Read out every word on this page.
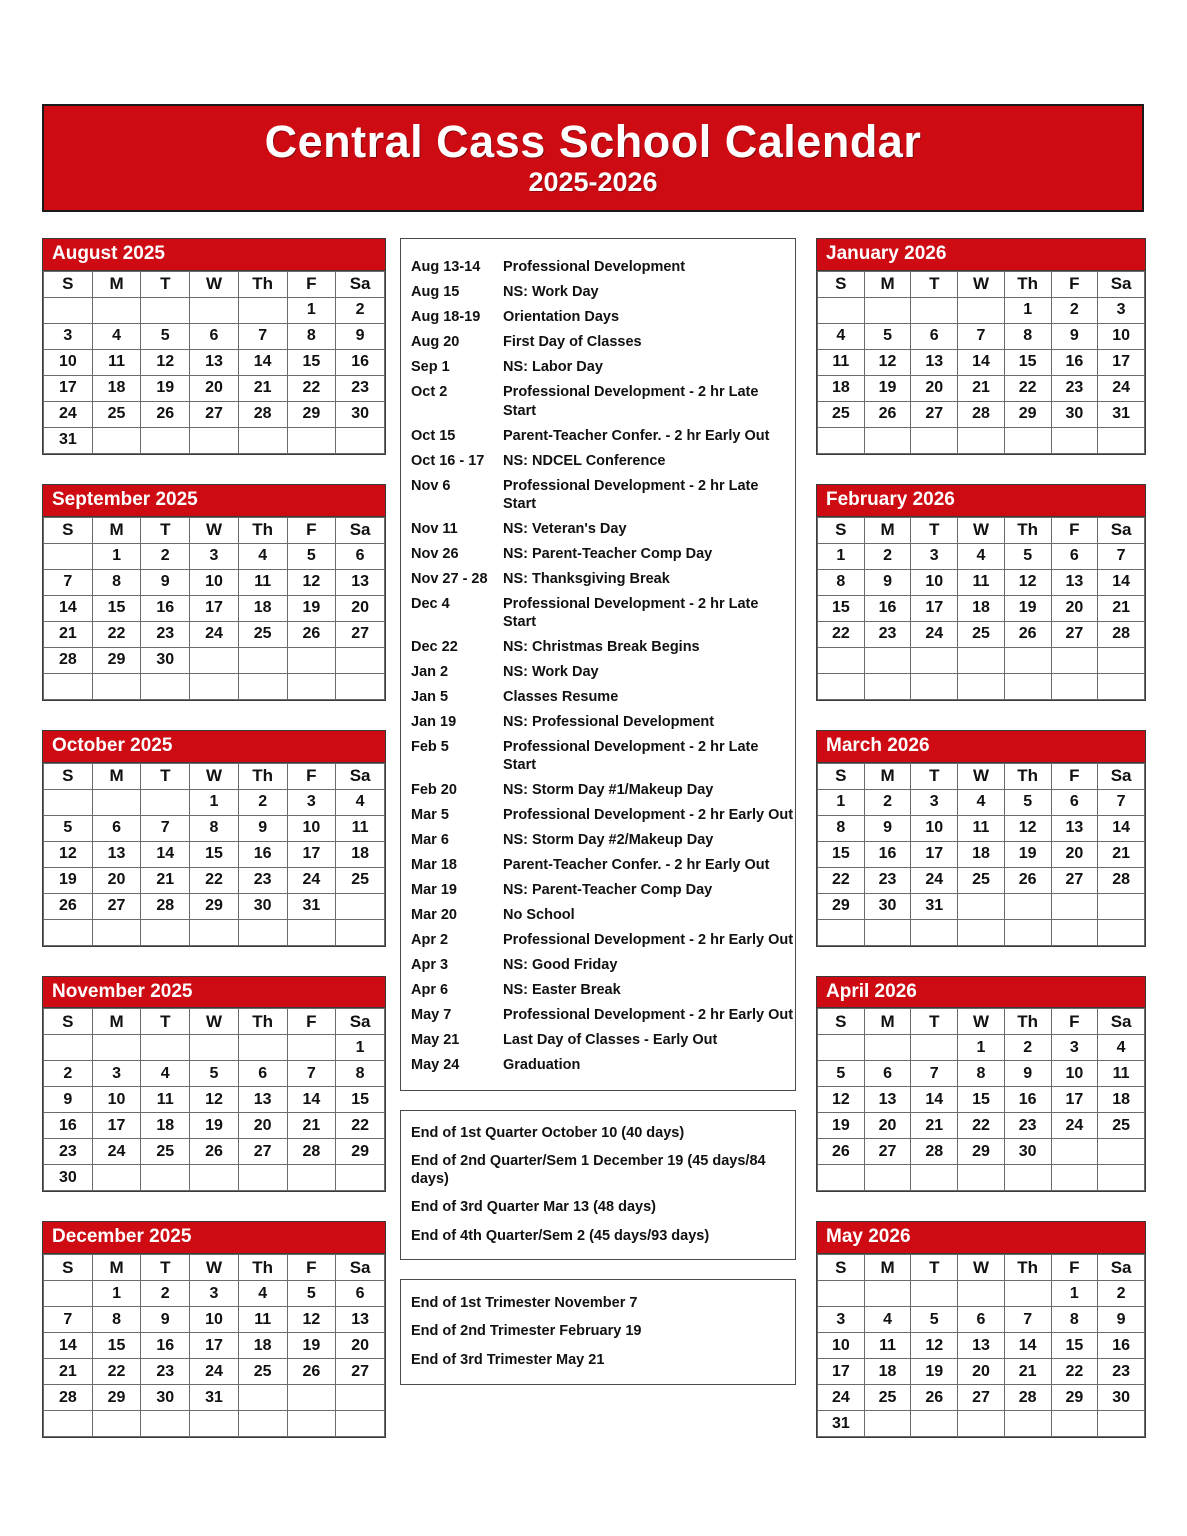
Central Cass School Calendar
2025-2026
August 2025
S	M	T	W	Th	F	Sa
					1	2
3	4	5	6	7	8	9
10	11	12	13	14	15	16
17	18	19	20	21	22	23
24	25	26	27	28	29	30
31						
September 2025
S	M	T	W	Th	F	Sa
	1	2	3	4	5	6
7	8	9	10	11	12	13
14	15	16	17	18	19	20
21	22	23	24	25	26	27
28	29	30				

October 2025
S	M	T	W	Th	F	Sa
			1	2	3	4
5	6	7	8	9	10	11
12	13	14	15	16	17	18
19	20	21	22	23	24	25
26	27	28	29	30	31	

November 2025
S	M	T	W	Th	F	Sa
						1
2	3	4	5	6	7	8
9	10	11	12	13	14	15
16	17	18	19	20	21	22
23	24	25	26	27	28	29
30						
December 2025
S	M	T	W	Th	F	Sa
	1	2	3	4	5	6
7	8	9	10	11	12	13
14	15	16	17	18	19	20
21	22	23	24	25	26	27
28	29	30	31			

Aug 13-14	Professional Development
Aug 15	NS: Work Day
Aug 18-19	Orientation Days
Aug 20	First Day of Classes
Sep 1	NS: Labor Day
Oct 2	Professional Development - 2 hr Late Start
Oct 15	Parent-Teacher Confer. - 2 hr Early Out
Oct 16 - 17	NS: NDCEL Conference
Nov 6	Professional Development - 2 hr Late Start
Nov 11	NS: Veteran's Day
Nov 26	NS: Parent-Teacher Comp Day
Nov 27 - 28	NS: Thanksgiving Break
Dec 4	Professional Development - 2 hr Late Start
Dec 22	NS: Christmas Break Begins
Jan 2	NS: Work Day
Jan 5	Classes Resume
Jan 19	NS: Professional Development
Feb 5	Professional Development - 2 hr Late Start
Feb 20	NS: Storm Day #1/Makeup Day
Mar 5	Professional Development - 2 hr Early Out
Mar 6	NS: Storm Day #2/Makeup Day
Mar 18	Parent-Teacher Confer. - 2 hr Early Out
Mar 19	NS: Parent-Teacher Comp Day
Mar 20	No School
Apr 2	Professional Development - 2 hr Early Out
Apr 3	NS: Good Friday
Apr 6	NS: Easter Break
May 7	Professional Development - 2 hr Early Out
May 21	Last Day of Classes - Early Out
May 24	Graduation
End of 1st Quarter October 10 (40 days)
End of 2nd Quarter/Sem 1 December 19 (45 days/84 days)
End of 3rd Quarter Mar 13 (48 days)
End of 4th Quarter/Sem 2 (45 days/93 days)
End of 1st Trimester November 7
End of 2nd Trimester February 19
End of 3rd Trimester May 21
January 2026
S	M	T	W	Th	F	Sa
				1	2	3
4	5	6	7	8	9	10
11	12	13	14	15	16	17
18	19	20	21	22	23	24
25	26	27	28	29	30	31

February 2026
S	M	T	W	Th	F	Sa
1	2	3	4	5	6	7
8	9	10	11	12	13	14
15	16	17	18	19	20	21
22	23	24	25	26	27	28

March 2026
S	M	T	W	Th	F	Sa
1	2	3	4	5	6	7
8	9	10	11	12	13	14
15	16	17	18	19	20	21
22	23	24	25	26	27	28
29	30	31				

April 2026
S	M	T	W	Th	F	Sa
			1	2	3	4
5	6	7	8	9	10	11
12	13	14	15	16	17	18
19	20	21	22	23	24	25
26	27	28	29	30		

May 2026
S	M	T	W	Th	F	Sa
					1	2
3	4	5	6	7	8	9
10	11	12	13	14	15	16
17	18	19	20	21	22	23
24	25	26	27	28	29	30
31						
